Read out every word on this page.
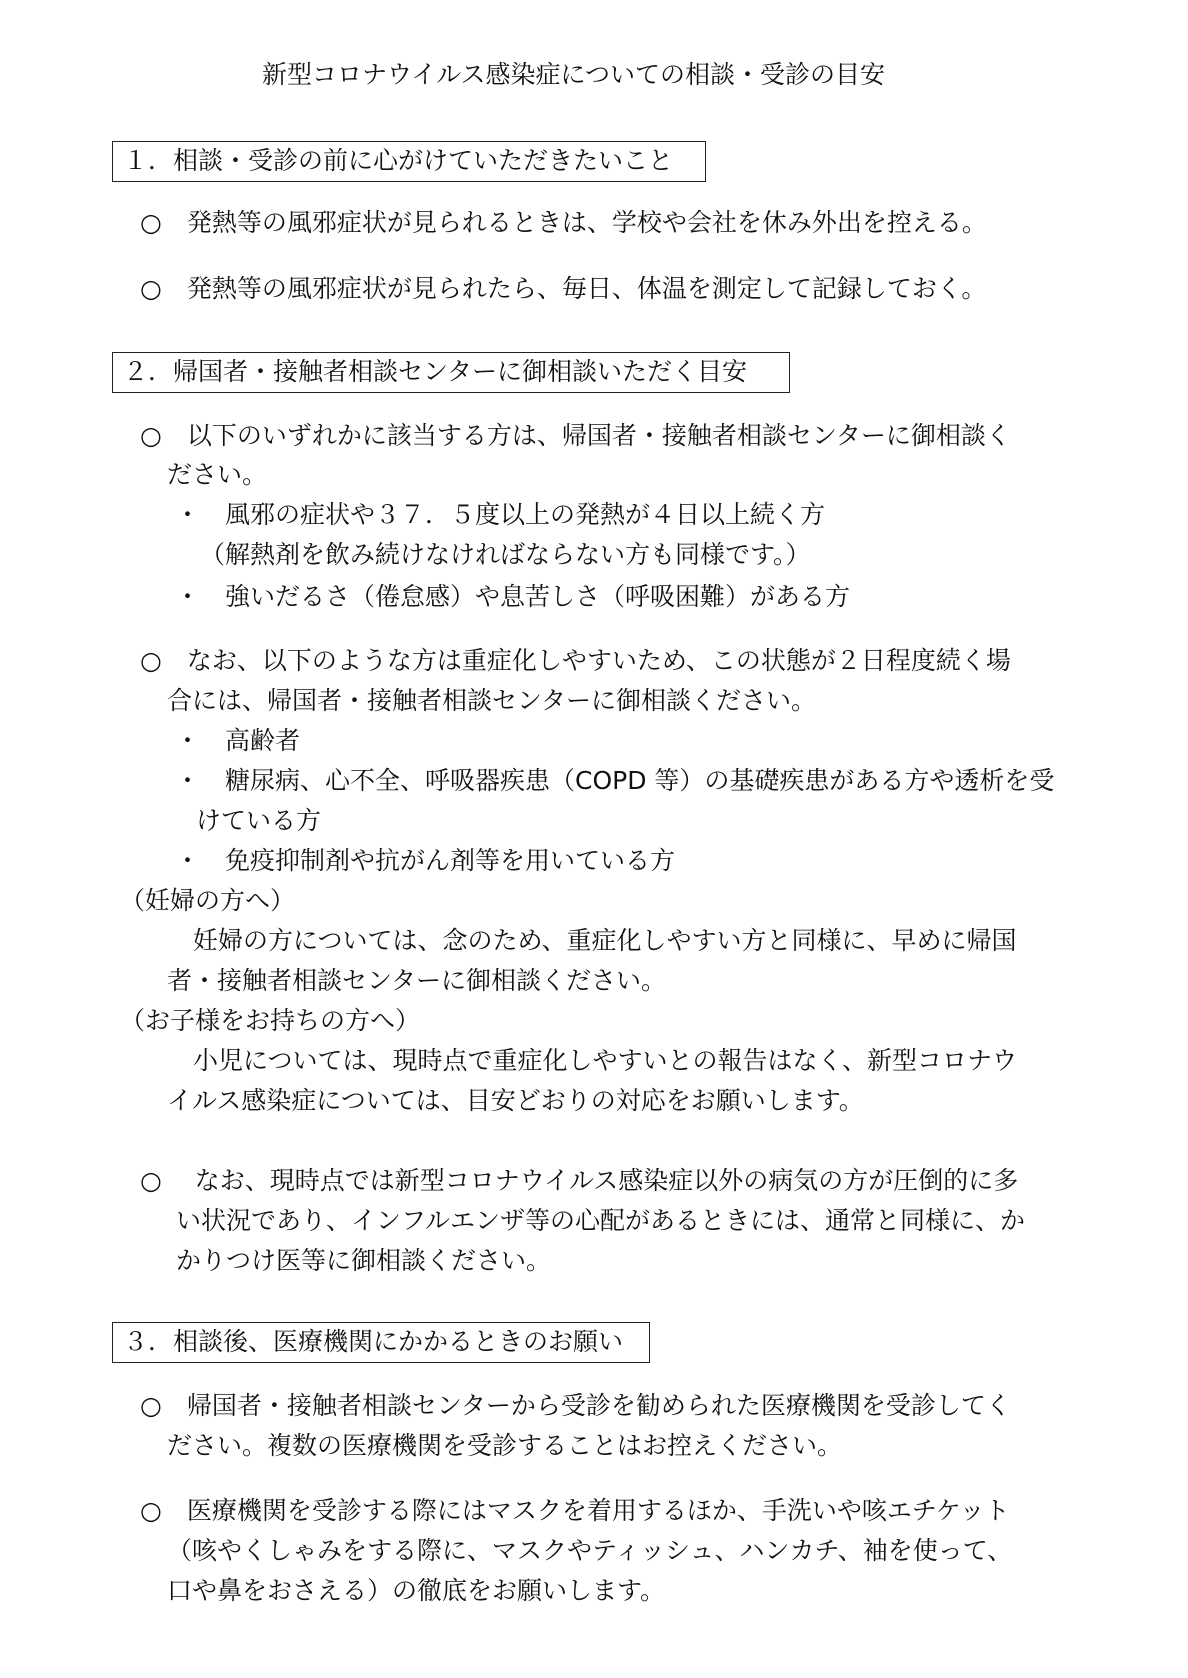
新型コロナウイルス感染症についての相談・受診の目安
１．相談・受診の前に心がけていただきたいこと
○　発熱等の風邪症状が見られるときは、学校や会社を休み外出を控える。
○　発熱等の風邪症状が見られたら、毎日、体温を測定して記録しておく。
２．帰国者・接触者相談センターに御相談いただく目安
○　以下のいずれかに該当する方は、帰国者・接触者相談センターに御相談く
ださい。
・　風邪の症状や３７．５度以上の発熱が４日以上続く方
（解熱剤を飲み続けなければならない方も同様です。）
・　強いだるさ（倦怠感）や息苦しさ（呼吸困難）がある方
○　なお、以下のような方は重症化しやすいため、この状態が２日程度続く場
合には、帰国者・接触者相談センターに御相談ください。
・　高齢者
・　糖尿病、心不全、呼吸器疾患（COPD 等）の基礎疾患がある方や透析を受
けている方
・　免疫抑制剤や抗がん剤等を用いている方
（妊婦の方へ）
妊婦の方については、念のため、重症化しやすい方と同様に、早めに帰国
者・接触者相談センターに御相談ください。
（お子様をお持ちの方へ）
小児については、現時点で重症化しやすいとの報告はなく、新型コロナウ
イルス感染症については、目安どおりの対応をお願いします。
○　 なお、現時点では新型コロナウイルス感染症以外の病気の方が圧倒的に多
い状況であり、インフルエンザ等の心配があるときには、通常と同様に、か
かりつけ医等に御相談ください。
３．相談後、医療機関にかかるときのお願い
○　帰国者・接触者相談センターから受診を勧められた医療機関を受診してく
ださい。複数の医療機関を受診することはお控えください。
○　医療機関を受診する際にはマスクを着用するほか、手洗いや咳エチケット
（咳やくしゃみをする際に、マスクやティッシュ、ハンカチ、袖を使って、
口や鼻をおさえる）の徹底をお願いします。
